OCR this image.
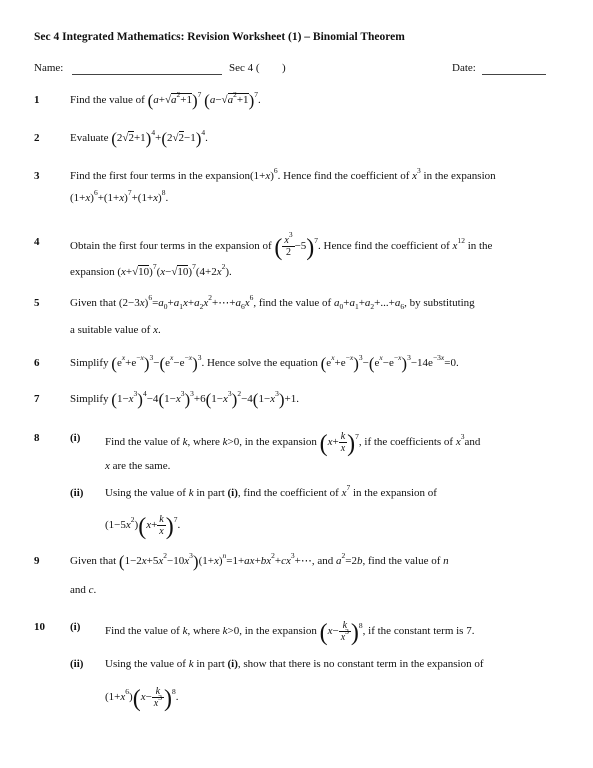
Sec 4 Integrated Mathematics: Revision Worksheet (1) – Binomial Theorem
Name:	Sec 4 ( )	Date:
1	Find the value of $(a+√a^2+1)^7$ $(a-√a^2+1)^7$.
2	Evaluate $(2√2+1)^4+(2√2-1)^4$.
3	Find the first four terms in the $expansion(1+x)^6$. Hence find the coefficient of $x^3$ in the expansion
$(1+x)^6+(1+x)^7+(1+x)^8$.
4	Obtain the first four terms in the expansion of ( $\frac{x^3}{2} -5)^7$. Hence find the coefficient of $x^{12}$ in the
expansion $(x+√10)^7(x-√10)^7(4+2x^2)$.
5	Given that $(2-3x)^6=a_0+a_1x+a_2x^2+\cdots+a_6x^6$, find the value of $a_0+a_1+a_2+...+a_6$, by substituting
a suitable value of x.
6	Simplify $(e^x+e^{-x})^3-(e^x-e^{-x})^3$. Hence solve the equation $(e^x+e^{-x})^3-(e^x-e^{-x})^3-14e^{-3x}=0$.
7	Simplify $(1-x^3)^4-4(1-x^3)^3+6(1-x^3)^2-4(1-x^3)+1$.
8	(i) Find the value of k, where k>0, in the expansion $(x+ \frac{k}{x} )^7$, if the coefficients of $x^3and$
x are the same.
(ii) Using the value of k in part (i), find the coefficient of $x^7$ in the expansion of
$(1-5x^2)(x+ \frac{k}{x} )^7$.
9	Given that $(1-2x+5x^2-10x^3)(1+x)^n=1+ax+bx^2+cx^3+\cdots$, and $a^2=2b$, find the value of n
and c.
10 (i) Find the value of k, where k>0, in the expansion $(x- \frac{k}{x^3} )^8$, if the constant term is 7.
(ii) Using the value of k in part (i), show that there is no constant term in the expansion of
$(1+x^6)(x- \frac{k}{x^3} )^8$.
